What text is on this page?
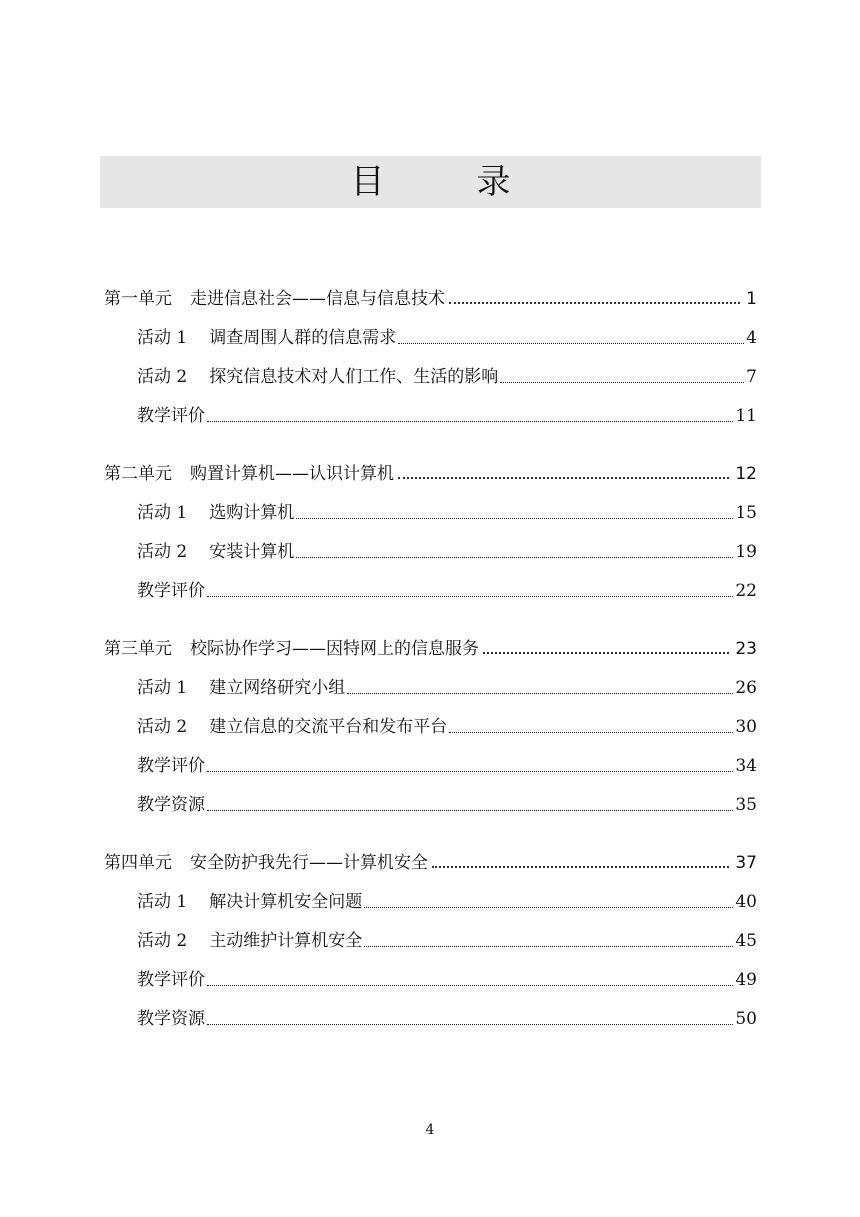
目	录
第一单元 走进信息社会——信息与信息技术	1
活动 1 调查周围人群的信息需求	4
活动 2 探究信息技术对人们工作、生活的影响	7
教学评价	11
第二单元 购置计算机——认识计算机	12
活动 1 选购计算机	15
活动 2 安装计算机	19
教学评价	22
第三单元 校际协作学习——因特网上的信息服务	23
活动 1 建立网络研究小组	26
活动 2 建立信息的交流平台和发布平台	30
教学评价	34
教学资源	35
第四单元 安全防护我先行——计算机安全	37
活动 1 解决计算机安全问题	40
活动 2 主动维护计算机安全	45
教学评价	49
教学资源	50
4
